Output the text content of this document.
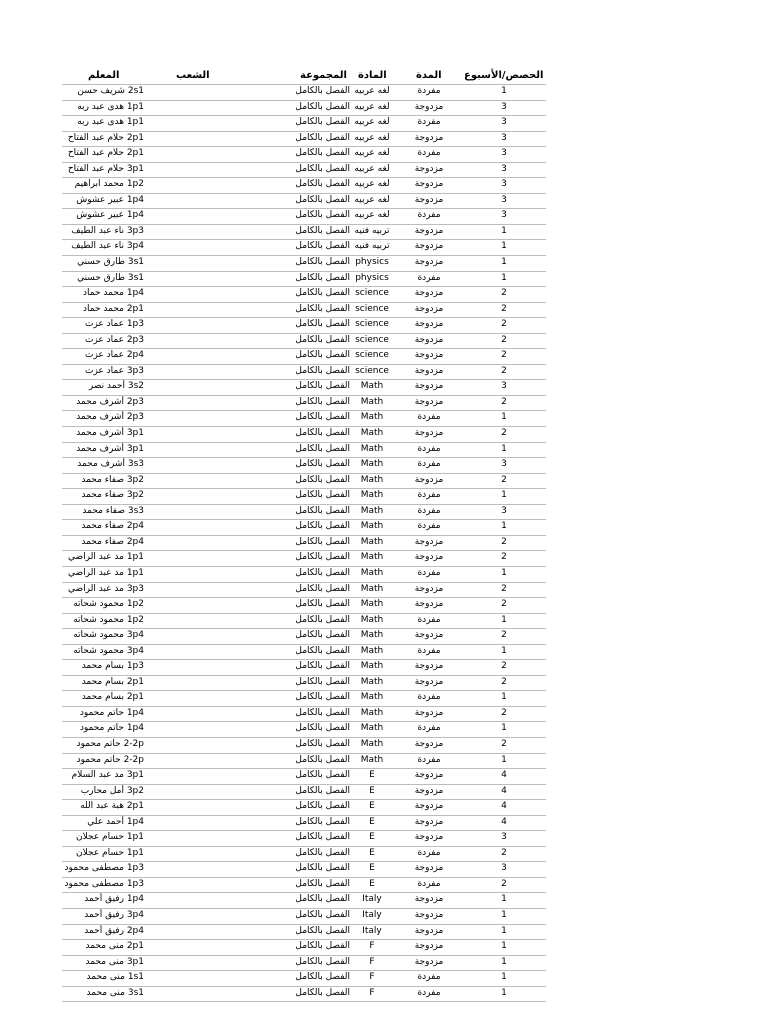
المعلم	الشعب	المجموعة المادة	المدة الحصص/الأسبوع
2s1 شريف حسن	الفصل بالكامل لغه عربيه	مفردة	1
1p1 هدى عبد ربه	الفصل بالكامل لغه عربيه	مزدوجة	3
1p1 هدى عبد ربه	الفصل بالكامل لغه عربيه	مفردة	3
2p1 حلام عبد الفتاح	الفصل بالكامل لغه عربيه	مزدوجة	3
2p1 حلام عبد الفتاح	الفصل بالكامل لغه عربيه	مفردة	3
3p1 حلام عبد الفتاح	الفصل بالكامل لغه عربيه	مزدوجة	3
1p2 محمد ابراهيم	الفصل بالكامل لغه عربيه	مزدوجة	3
1p4 عبير عشوش	الفصل بالكامل لغه عربيه	مزدوجة	3
1p4 عبير عشوش	الفصل بالكامل لغه عربيه	مفردة	3
3p3 ناء عبد الطيف	الفصل بالكامل تربيه فنيه	مزدوجة	1
3p4 ناء عبد الطيف	الفصل بالكامل تربيه فنيه	مزدوجة	1
3s1 طارق حسني	الفصل بالكامل physics	مزدوجة	1
3s1 طارق حسني	الفصل بالكامل physics	مفردة	1
1p4 محمد حماد	الفصل بالكامل science	مزدوجة	2
2p1 محمد حماد	الفصل بالكامل science	مزدوجة	2
1p3 عماد عزت	الفصل بالكامل science	مزدوجة	2
2p3 عماد عزت	الفصل بالكامل science	مزدوجة	2
2p4 عماد عزت	الفصل بالكامل science	مزدوجة	2
3p3 عماد عزت	الفصل بالكامل science	مزدوجة	2
3s2 أحمد نصر	الفصل بالكامل	Math	مزدوجة	3
2p3 أشرف محمد	الفصل بالكامل	Math	مزدوجة	2
2p3 أشرف محمد	الفصل بالكامل	Math	مفردة	1
3p1 أشرف محمد	الفصل بالكامل	Math	مزدوجة	2
3p1 أشرف محمد	الفصل بالكامل	Math	مفردة	1
3s3 أشرف محمد	الفصل بالكامل	Math	مفردة	3
3p2 صفاء محمد	الفصل بالكامل	Math	مزدوجة	2
3p2 صفاء محمد	الفصل بالكامل	Math	مفردة	1
3s3 صفاء محمد	الفصل بالكامل	Math	مفردة	3
2p4 صفاء محمد	الفصل بالكامل	Math	مفردة	1
2p4 صفاء محمد	الفصل بالكامل	Math	مزدوجة	2
1p1 مد عبد الراضي	الفصل بالكامل	Math	مزدوجة	2
1p1 مد عبد الراضي	الفصل بالكامل	Math	مفردة	1
3p3 مد عبد الراضي	الفصل بالكامل	Math	مزدوجة	2
1p2 محمود شحاته	الفصل بالكامل	Math	مزدوجة	2
1p2 محمود شحاته	الفصل بالكامل	Math	مفردة	1
3p4 محمود شحاته	الفصل بالكامل	Math	مزدوجة	2
3p4 محمود شحاته	الفصل بالكامل	Math	مفردة	1
1p3 بسام محمد	الفصل بالكامل	Math	مزدوجة	2
2p1 بسام محمد	الفصل بالكامل	Math	مزدوجة	2
2p1 بسام محمد	الفصل بالكامل	Math	مفردة	1
1p4 حاتم محمود	الفصل بالكامل	Math	مزدوجة	2
1p4 حاتم محمود	الفصل بالكامل	Math	مفردة	1
2-2p حاتم محمود	الفصل بالكامل	Math	مزدوجة	2
2-2p حاتم محمود	الفصل بالكامل	Math	مفردة	1
3p1 مد عبد السلام	الفصل بالكامل	E	مزدوجة	4
3p2 أمل محارب	الفصل بالكامل	E	مزدوجة	4
2p1 هبة عبد الله	الفصل بالكامل	E	مزدوجة	4
1p4 أحمد علي	الفصل بالكامل	E	مزدوجة	4
1p1 حسام عجلان	الفصل بالكامل	E	مزدوجة	3
1p1 حسام عجلان	الفصل بالكامل	E	مفردة	2
1p3 مصطفى محمود	الفصل بالكامل	E	مزدوجة	3
1p3 مصطفى محمود	الفصل بالكامل	E	مفردة	2
1p4 رفيق أحمد	الفصل بالكامل	Italy	مزدوجة	1
3p4 رفيق أحمد	الفصل بالكامل	Italy	مزدوجة	1
2p4 رفيق أحمد	الفصل بالكامل	Italy	مزدوجة	1
2p1 منى محمد	الفصل بالكامل	F	مزدوجة	1
3p1 منى محمد	الفصل بالكامل	F	مزدوجة	1
1s1 منى محمد	الفصل بالكامل	F	مفردة	1
3s1 منى محمد	الفصل بالكامل	F	مفردة	1
